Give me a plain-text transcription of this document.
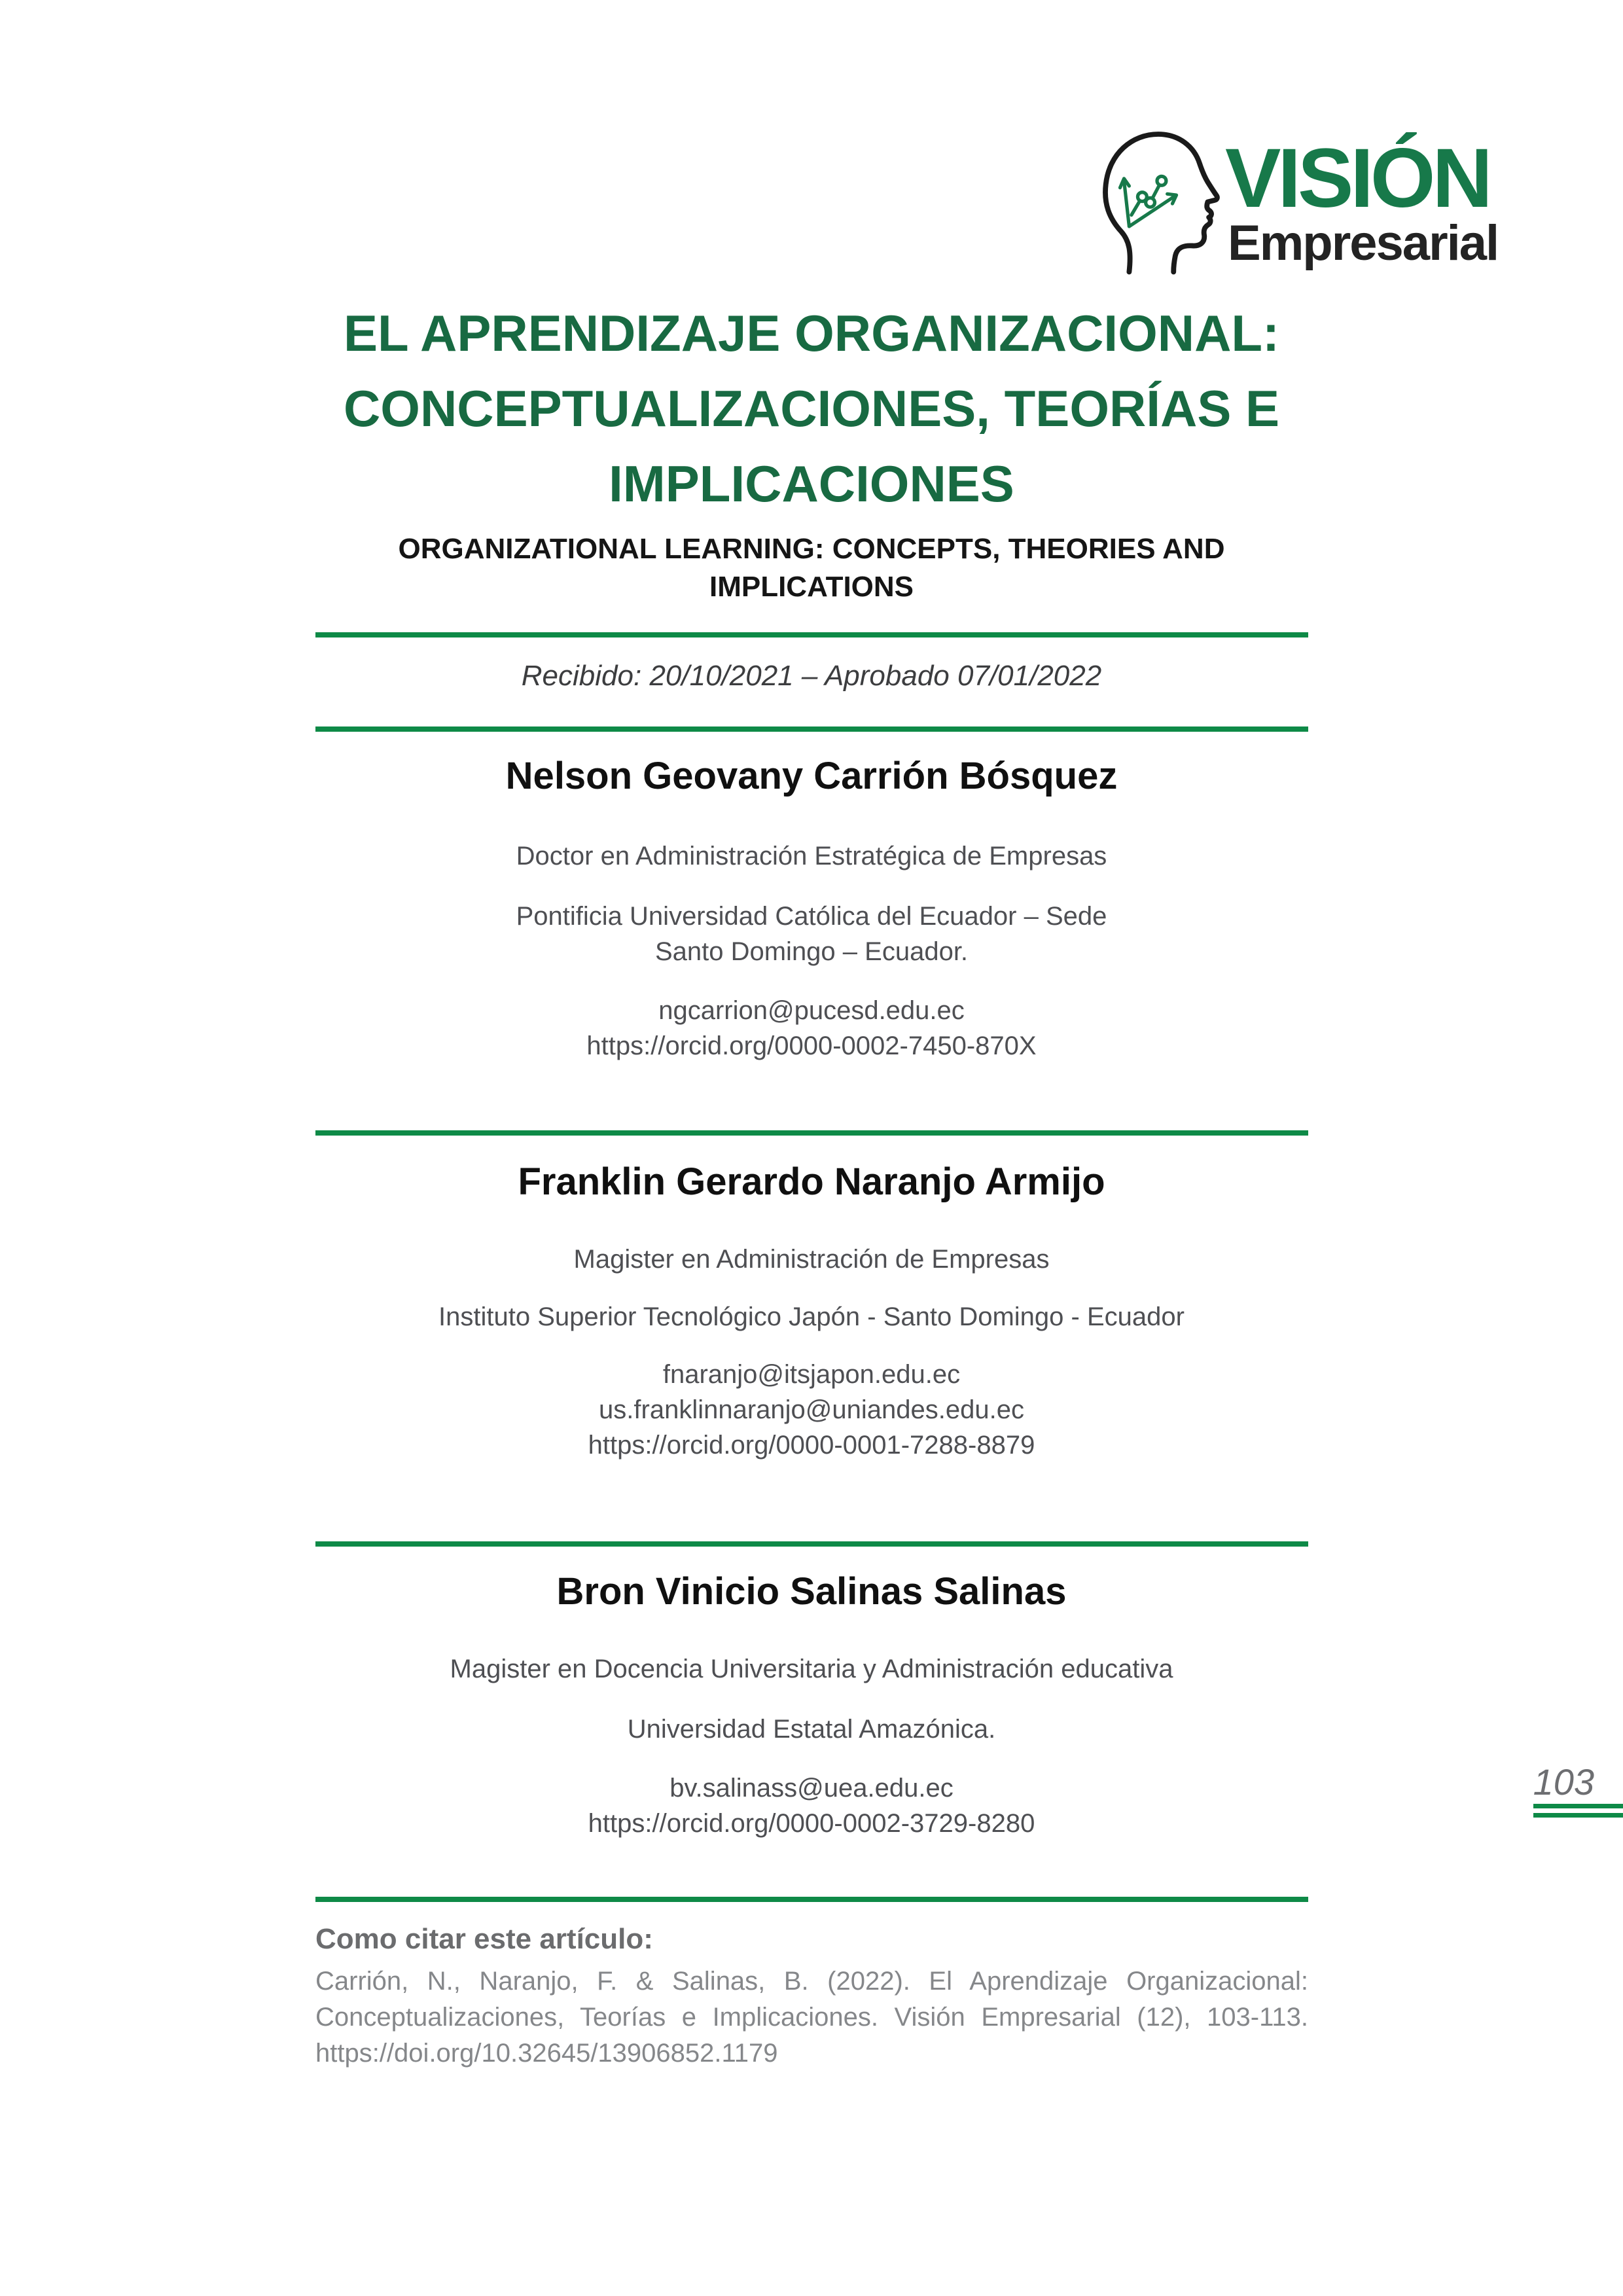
VISIÓN
Empresarial
EL APRENDIZAJE ORGANIZACIONAL:
CONCEPTUALIZACIONES, TEORÍAS E
IMPLICACIONES
ORGANIZATIONAL LEARNING: CONCEPTS, THEORIES AND
IMPLICATIONS

Recibido: 20/10/2021 – Aprobado 07/01/2022

Nelson Geovany Carrión Bósquez
Doctor en Administración Estratégica de Empresas
Pontificia Universidad Católica del Ecuador – Sede
Santo Domingo – Ecuador.
ngcarrion@pucesd.edu.ec
https://orcid.org/0000-0002-7450-870X
Franklin Gerardo Naranjo Armijo
Magister en Administración de Empresas
Instituto Superior Tecnológico Japón - Santo Domingo - Ecuador
fnaranjo@itsjapon.edu.ec
us.franklinnaranjo@uniandes.edu.ec
https://orcid.org/0000-0001-7288-8879
Bron Vinicio Salinas Salinas
Magister en Docencia Universitaria y Administración educativa
Universidad Estatal Amazónica.
bv.salinass@uea.edu.ec
https://orcid.org/0000-0002-3729-8280
Como citar este artículo:

Carrión, N., Naranjo, F. & Salinas, B. (2022). El Aprendizaje Organizacional: Conceptualizaciones, Teorías e Implicaciones. Visión Empresarial (12), 103-113. https://doi.org/10.32645/13906852.1179

103
